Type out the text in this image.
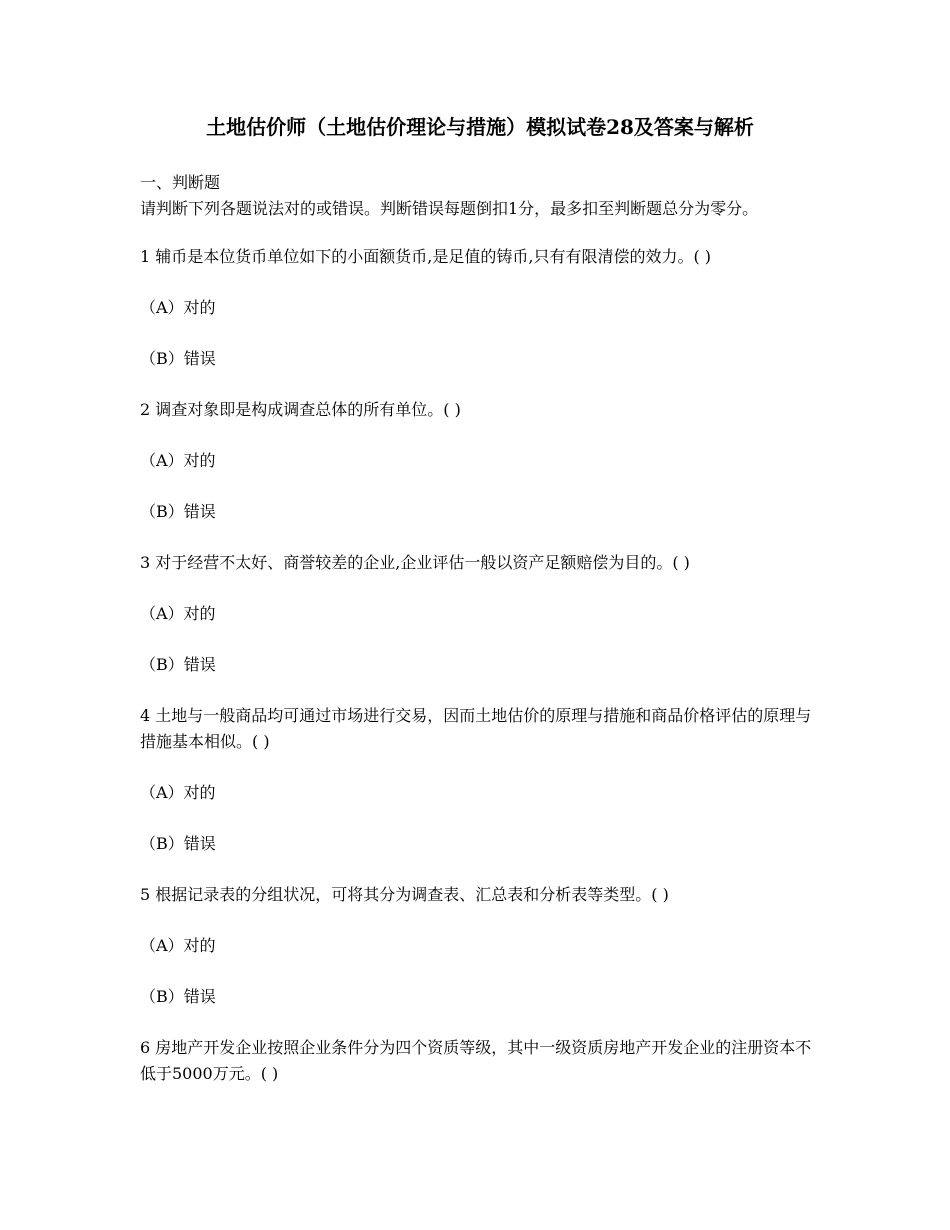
土地估价师（土地估价理论与措施）模拟试卷28及答案与解析

一、判断题

请判断下列各题说法对的或错误。判断错误每题倒扣1分，最多扣至判断题总分为零分。

1 辅币是本位货币单位如下的小面额货币,是足值的铸币,只有有限清偿的效力。( )

（A）对的

（B）错误

2 调查对象即是构成调查总体的所有单位。( )

（A）对的

（B）错误

3 对于经营不太好、商誉较差的企业,企业评估一般以资产足额赔偿为目的。( )

（A）对的

（B）错误

4 土地与一般商品均可通过市场进行交易，因而土地估价的原理与措施和商品价格评估的原理与措施基本相似。( )

（A）对的

（B）错误

5 根据记录表的分组状况，可将其分为调查表、汇总表和分析表等类型。( )

（A）对的

（B）错误

6 房地产开发企业按照企业条件分为四个资质等级，其中一级资质房地产开发企业的注册资本不低于5000万元。( )
